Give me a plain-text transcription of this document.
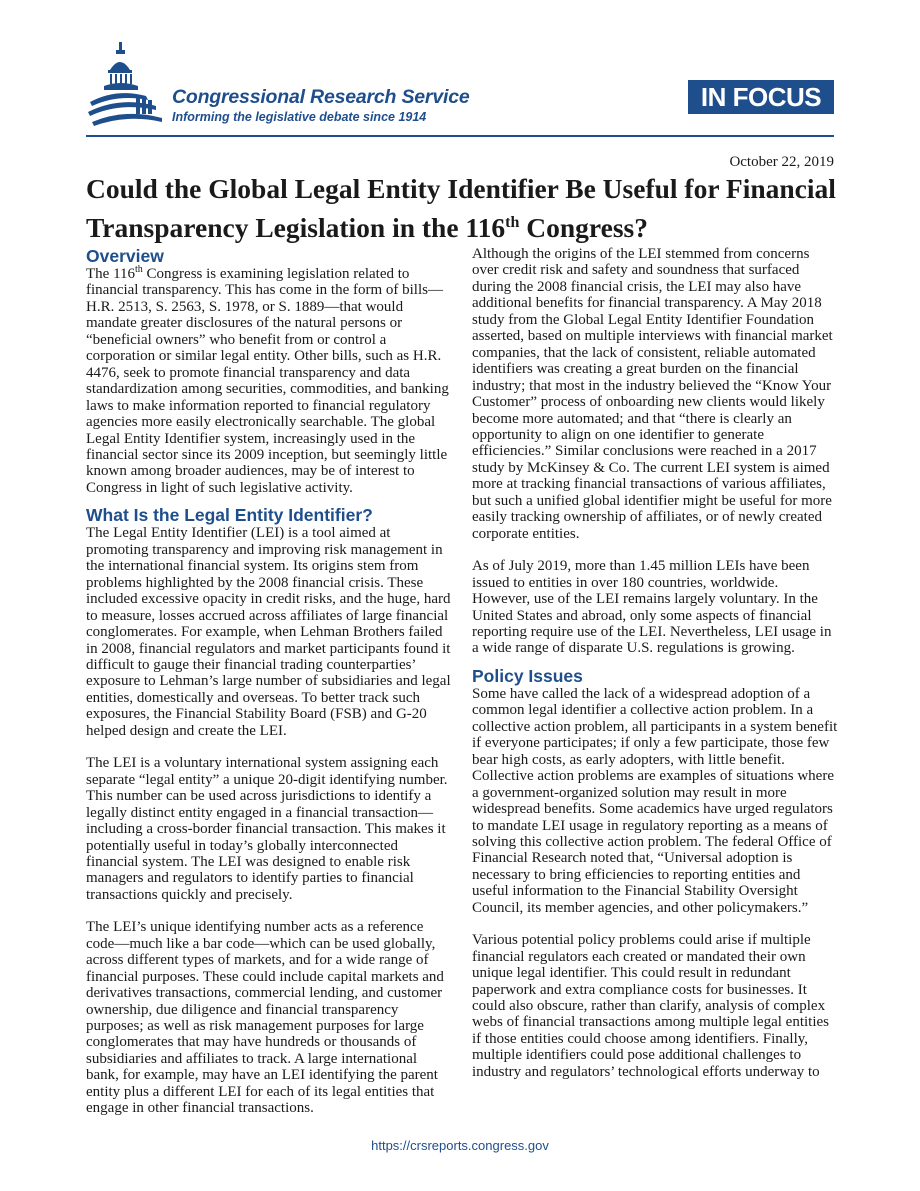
Congressional Research Service
Informing the legislative debate since 1914
IN FOCUS
October 22, 2019
Could the Global Legal Entity Identifier Be Useful for Financial Transparency Legislation in the 116th Congress?
Overview

The 116th Congress is examining legislation related to financial transparency. This has come in the form of bills—H.R. 2513, S. 2563, S. 1978, or S. 1889—that would mandate greater disclosures of the natural persons or “beneficial owners” who benefit from or control a corporation or similar legal entity. Other bills, such as H.R. 4476, seek to promote financial transparency and data standardization among securities, commodities, and banking laws to make information reported to financial regulatory agencies more easily electronically searchable. The global Legal Entity Identifier system, increasingly used in the financial sector since its 2009 inception, but seemingly little known among broader audiences, may be of interest to Congress in light of such legislative activity.

What Is the Legal Entity Identifier?

The Legal Entity Identifier (LEI) is a tool aimed at promoting transparency and improving risk management in the international financial system. Its origins stem from problems highlighted by the 2008 financial crisis. These included excessive opacity in credit risks, and the huge, hard to measure, losses accrued across affiliates of large financial conglomerates. For example, when Lehman Brothers failed in 2008, financial regulators and market participants found it difficult to gauge their financial trading counterparties’ exposure to Lehman’s large number of subsidiaries and legal entities, domestically and overseas. To better track such exposures, the Financial Stability Board (FSB) and G-20 helped design and create the LEI.

The LEI is a voluntary international system assigning each separate “legal entity” a unique 20-digit identifying number. This number can be used across jurisdictions to identify a legally distinct entity engaged in a financial transaction—including a cross-border financial transaction. This makes it potentially useful in today’s globally interconnected financial system. The LEI was designed to enable risk managers and regulators to identify parties to financial transactions quickly and precisely.

The LEI’s unique identifying number acts as a reference code—much like a bar code—which can be used globally, across different types of markets, and for a wide range of financial purposes. These could include capital markets and derivatives transactions, commercial lending, and customer ownership, due diligence and financial transparency purposes; as well as risk management purposes for large conglomerates that may have hundreds or thousands of subsidiaries and affiliates to track. A large international bank, for example, may have an LEI identifying the parent entity plus a different LEI for each of its legal entities that engage in other financial transactions.

Although the origins of the LEI stemmed from concerns over credit risk and safety and soundness that surfaced during the 2008 financial crisis, the LEI may also have additional benefits for financial transparency. A May 2018 study from the Global Legal Entity Identifier Foundation asserted, based on multiple interviews with financial market companies, that the lack of consistent, reliable automated identifiers was creating a great burden on the financial industry; that most in the industry believed the “Know Your Customer” process of onboarding new clients would likely become more automated; and that “there is clearly an opportunity to align on one identifier to generate efficiencies.” Similar conclusions were reached in a 2017 study by McKinsey & Co. The current LEI system is aimed more at tracking financial transactions of various affiliates, but such a unified global identifier might be useful for more easily tracking ownership of affiliates, or of newly created corporate entities.

As of July 2019, more than 1.45 million LEIs have been issued to entities in over 180 countries, worldwide. However, use of the LEI remains largely voluntary. In the United States and abroad, only some aspects of financial reporting require use of the LEI. Nevertheless, LEI usage in a wide range of disparate U.S. regulations is growing.

Policy Issues

Some have called the lack of a widespread adoption of a common legal identifier a collective action problem. In a collective action problem, all participants in a system benefit if everyone participates; if only a few participate, those few bear high costs, as early adopters, with little benefit. Collective action problems are examples of situations where a government-organized solution may result in more widespread benefits. Some academics have urged regulators to mandate LEI usage in regulatory reporting as a means of solving this collective action problem. The federal Office of Financial Research noted that, “Universal adoption is necessary to bring efficiencies to reporting entities and useful information to the Financial Stability Oversight Council, its member agencies, and other policymakers.”

Various potential policy problems could arise if multiple financial regulators each created or mandated their own unique legal identifier. This could result in redundant paperwork and extra compliance costs for businesses. It could also obscure, rather than clarify, analysis of complex webs of financial transactions among multiple legal entities if those entities could choose among identifiers. Finally, multiple identifiers could pose additional challenges to industry and regulators’ technological efforts underway to

https://crsreports.congress.gov
